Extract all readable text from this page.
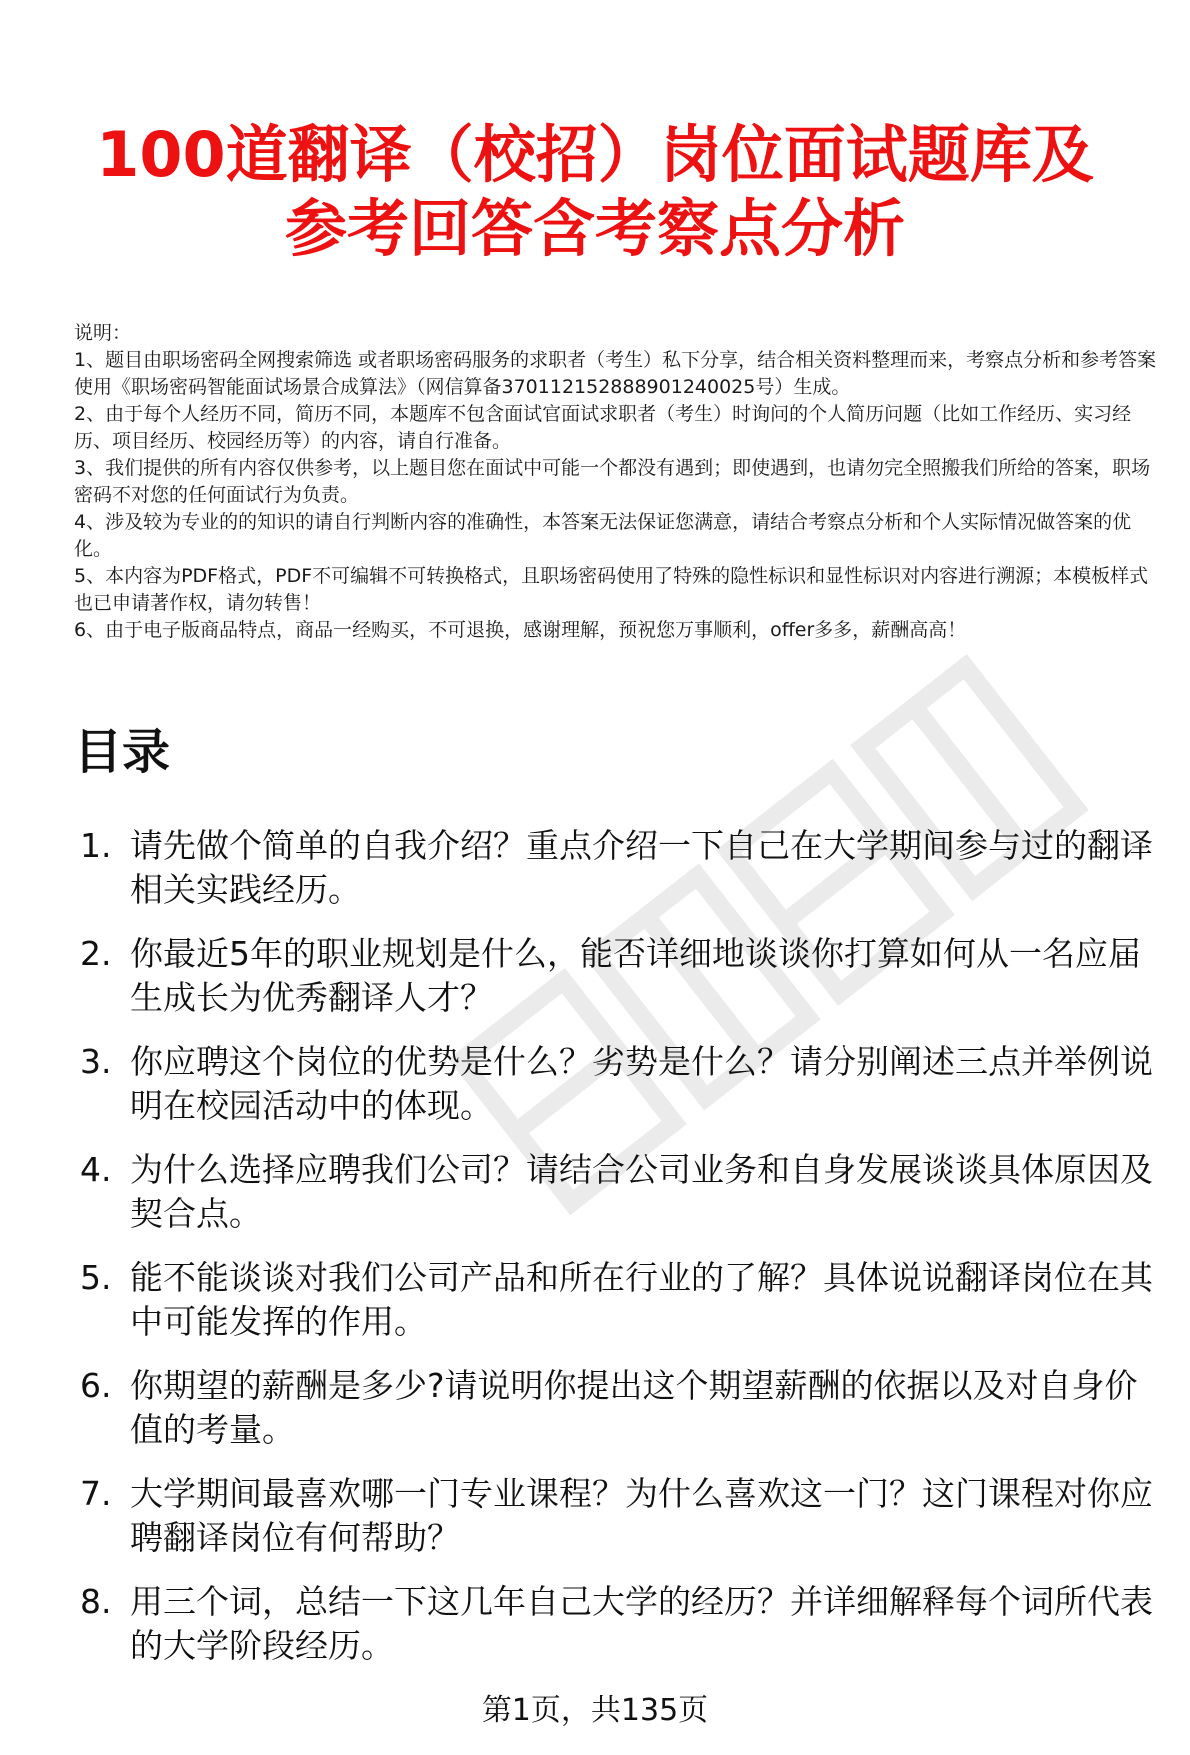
100道翻译（校招）岗位面试题库及
参考回答含考察点分析

说明：

1、题目由职场密码全网搜索筛选 或者职场密码服务的求职者（考生）私下分享，结合相关资料整理而来，考察点分析和参考答案使用《职场密码智能面试场景合成算法》（网信算备370112152888901240025号）生成。

2、由于每个人经历不同，简历不同，本题库不包含面试官面试求职者（考生）时询问的个人简历问题（比如工作经历、实习经历、项目经历、校园经历等）的内容，请自行准备。

3、我们提供的所有内容仅供参考，以上题目您在面试中可能一个都没有遇到；即使遇到，也请勿完全照搬我们所给的答案，职场密码不对您的任何面试行为负责。

4、涉及较为专业的的知识的请自行判断内容的准确性，本答案无法保证您满意，请结合考察点分析和个人实际情况做答案的优化。

5、本内容为PDF格式，PDF不可编辑不可转换格式，且职场密码使用了特殊的隐性标识和显性标识对内容进行溯源；本模板样式也已申请著作权，请勿转售！

6、由于电子版商品特点，商品一经购买，不可退换，感谢理解，预祝您万事顺利，offer多多，薪酬高高！

目录
1. 请先做个简单的自我介绍？重点介绍一下自己在大学期间参与过的翻译相关实践经历。
2. 你最近5年的职业规划是什么，能否详细地谈谈你打算如何从一名应届生成长为优秀翻译人才？
3. 你应聘这个岗位的优势是什么？劣势是什么？请分别阐述三点并举例说明在校园活动中的体现。
4. 为什么选择应聘我们公司？请结合公司业务和自身发展谈谈具体原因及契合点。
5. 能不能谈谈对我们公司产品和所在行业的了解？具体说说翻译岗位在其中可能发挥的作用。
6. 你期望的薪酬是多少?请说明你提出这个期望薪酬的依据以及对自身价值的考量。
7. 大学期间最喜欢哪一门专业课程？为什么喜欢这一门？这门课程对你应聘翻译岗位有何帮助？
8. 用三个词，总结一下这几年自己大学的经历？并详细解释每个词所代表的大学阶段经历。
第1页，共135页
